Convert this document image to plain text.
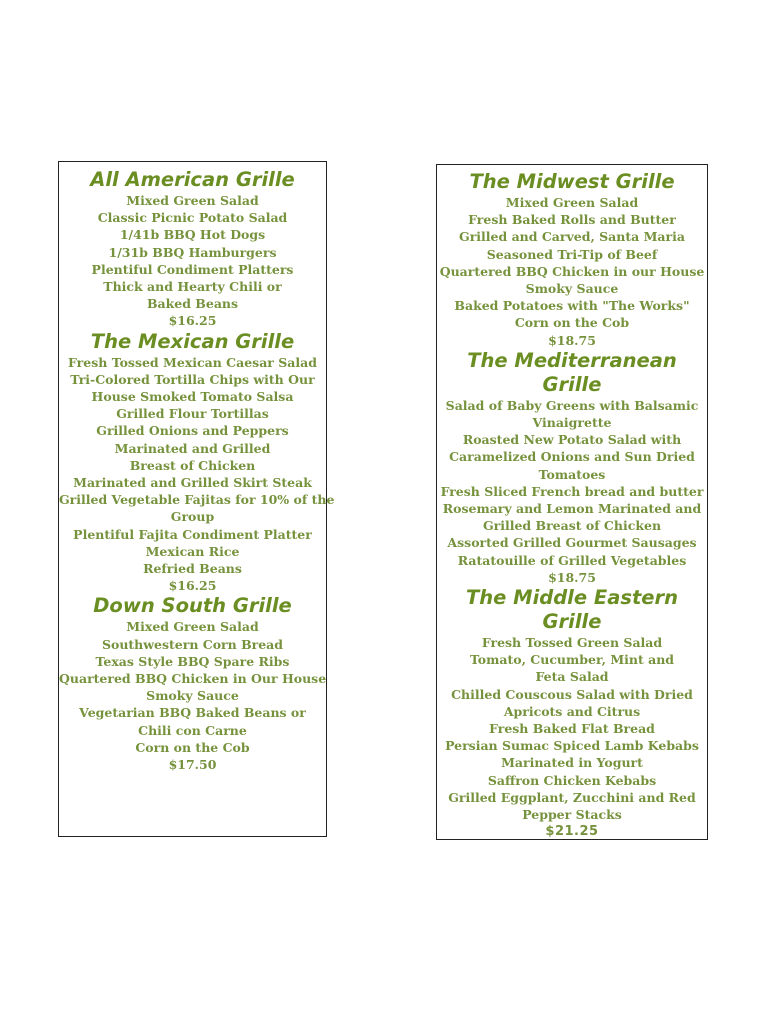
All American Grille

Mixed Green Salad

Classic Picnic Potato Salad

1/41b BBQ Hot Dogs

1/31b BBQ Hamburgers

Plentiful Condiment Platters

Thick and Hearty Chili or

Baked Beans

$16.25

The Mexican Grille

Fresh Tossed Mexican Caesar Salad

Tri-Colored Tortilla Chips with Our

House Smoked Tomato Salsa

Grilled Flour Tortillas

Grilled Onions and Peppers

Marinated and Grilled

Breast of Chicken

Marinated and Grilled Skirt Steak

Grilled Vegetable Fajitas for 10% of the

Group

Plentiful Fajita Condiment Platter

Mexican Rice

Refried Beans

$16.25

Down South Grille

Mixed Green Salad

Southwestern Corn Bread

Texas Style BBQ Spare Ribs

Quartered BBQ Chicken in Our House

Smoky Sauce

Vegetarian BBQ Baked Beans or

Chili con Carne

Corn on the Cob

$17.50

The Midwest Grille

Mixed Green Salad

Fresh Baked Rolls and Butter

Grilled and Carved, Santa Maria

Seasoned Tri-Tip of Beef

Quartered BBQ Chicken in our House

Smoky Sauce

Baked Potatoes with "The Works"

Corn on the Cob

$18.75

The Mediterranean

Grille

Salad of Baby Greens with Balsamic

Vinaigrette

Roasted New Potato Salad with

Caramelized Onions and Sun Dried

Tomatoes

Fresh Sliced French bread and butter

Rosemary and Lemon Marinated and

Grilled Breast of Chicken

Assorted Grilled Gourmet Sausages

Ratatouille of Grilled Vegetables

$18.75

The Middle Eastern

Grille

Fresh Tossed Green Salad

Tomato, Cucumber, Mint and

Feta Salad

Chilled Couscous Salad with Dried

Apricots and Citrus

Fresh Baked Flat Bread

Persian Sumac Spiced Lamb Kebabs

Marinated in Yogurt

Saffron Chicken Kebabs

Grilled Eggplant, Zucchini and Red

Pepper Stacks

$21.25
